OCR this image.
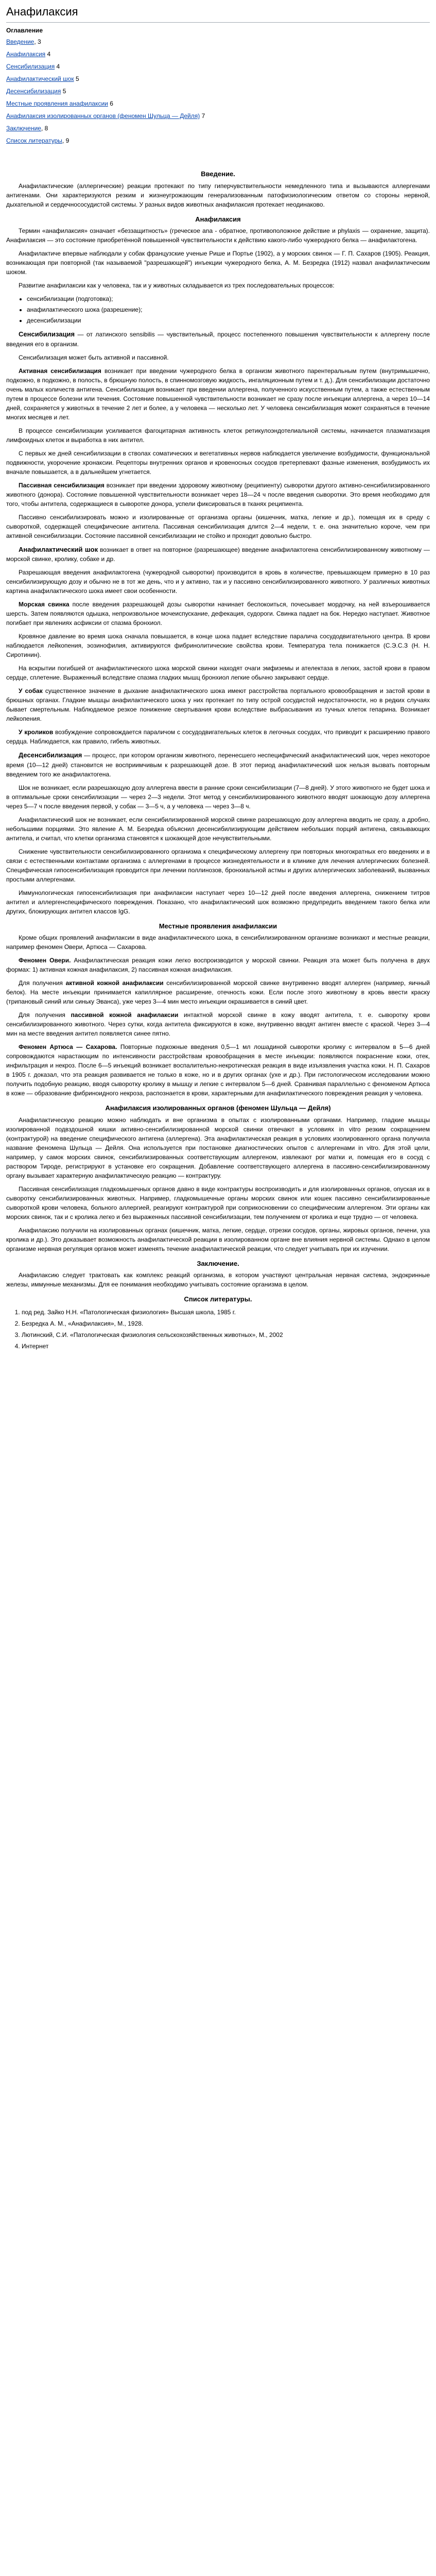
Анафилаксия
Оглавление
Введение, 3
Анафилаксия 4
Сенсибилизация 4
Анафилактический шок 5
Десенсибилизация 5
Местные проявления анафилаксии 6
Анафилаксия изолированных органов (феномен Шульца — Дейля) 7
Заключение, 8
Список литературы, 9
Введение.

Анафилактические (аллергические) реакции протекают по типу гиперчувствительности немедленного типа и вызываются аллергенами антигенами. Они характеризуются резким и жизнеугрожающим генерализованным патофизиологическим ответом со стороны нервной, дыхательной и сердечнососудистой системы. У разных видов животных анафилаксия протекает неодинаково.

Анафилаксия

Термин «анафилаксия» означает «беззащитность» (греческое ana - обратное, противоположное действие и phylaxis — охранение, защита). Анафилаксия — это состояние приобретённой повышенной чувствительности к действию какого-либо чужеродного белка — анафилактогена.

Анафилактиче впервые наблюдали у собак французские ученые Рише и Портье (1902), а у морских свинок — Г. П. Сахаров (1905). Реакция, возникающая при повторной (так называемой "разрешающей") инъекции чужеродного белка, А. М. Безредка (1912) назвал анафилактическим шоком.

Развитие анафилаксии как у человека, так и у животных складывается из трех последовательных процессов:

• сенсибилизации (подготовка);
• анафилактического шока (разрешение);
• десенсибилизации

Сенсибилизация — от латинского sensibilis — чувствительный, процесс постепенного повышения чувствительности к аллергену после введения его в организм.

Сенсибилизация может быть активной и пассивной.

Активная сенсибилизация возникает при введении чужеродного белка в организм животного парентеральным путем (внутримышечно, подкожно, в подкожно, в полость, в брюшную полость, в спинномозговую жидкость, ингаляционным путем и т. д.). Для сенсибилизации достаточно очень малых количеств антигена. Сенсибилизация возникает при введении аллергена, полученного искусственным путем, а также естественным путем в процессе болезни или течения. Состояние повышенной чувствительности возникает не сразу после инъекции аллергена, а через 10—14 дней, сохраняется у животных в течение 2 лет и более, а у человека — несколько лет. У человека сенсибилизация может сохраняться в течение многих месяцев и лет.

В процессе сенсибилизации усиливается фагоцитарная активность клеток ретикулоэндотелиальной системы, начинается плазматизация лимфоидных клеток и выработка в них антител.

С первых же дней сенсибилизации в стволах соматических и вегетативных нервов наблюдается увеличение возбудимости, функциональной подвижности, укорочение хронаксии. Рецепторы внутренних органов и кровеносных сосудов претерпевают фазные изменения, возбудимость их вначале повышается, а в дальнейшем угнетается.

Пассивная сенсибилизация возникает при введении здоровому животному (реципиенту) сыворотки другого активно-сенсибилизированного животного (донора). Состояние повышенной чувствительности возникает через 18—24 ч после введения сыворотки. Это время необходимо для того, чтобы антитела, содержащиеся в сыворотке донора, успели фиксироваться в тканях реципиента.

Пассивно сенсибилизировать можно и изолированные от организма органы (кишечник, матка, легкие и др.), помещая их в среду с сывороткой, содержащей специфические антитела. Пассивная сенсибилизация длится 2—4 недели, т. е. она значительно короче, чем при активной сенсибилизации. Состояние пассивной сенсибилизации не стойко и проходит довольно быстро.

Анафилактический шок возникает в ответ на повторное (разрешающее) введение анафилактогена сенсибилизированному животному — морской свинке, кролику, собаке и др.

Разрешающая введения анафилактогена (чужеродной сыворотки) производится в кровь в количестве, превышающем примерно в 10 раз сенсибилизирующую дозу и обычно не в тот же день, что и у активно, так и у пассивно сенсибилизированного животного. У различных животных картина анафилактического шока имеет свои особенности.

Морская свинка после введения разрешающей дозы сыворотки начинает беспокоиться, почесывает мордочку, на ней взъерошивается шерсть. Затем появляются одышка, непроизвольное мочеиспускание, дефекация, судороги. Свинка падает на бок. Нередко наступает. Животное погибает при явлениях асфиксии от спазма бронхиол.

Кровяное давление во время шока сначала повышается, в конце шока падает вследствие паралича сосудодвигательного центра. В крови наблюдается лейкопения, эозинофилия, активируются фибринолитические свойства крови. Температура тела понижается (С.Э.С.З (Н. Н. Сиротинин).

На вскрытии погибшей от анафилактического шока морской свинки находят очаги эмфиземы и ателектаза в легких, застой крови в правом сердце, сплетение. Выраженный вследствие спазма гладких мышц бронхиол легкие обычно закрывают сердце.

У собак существенное значение в дыхание анафилактического шока имеют расстройства портального кровообращения и застой крови в брюшных органах. Гладкие мышцы анафилактического шока у них протекает по типу острой сосудистой недостаточности, но в редких случаях бывает смертельным. Наблюдаемое резкое понижение свертывания крови вследствие выбрасывания из тучных клеток гепарина. Возникает лейкопения.

У кроликов возбуждение сопровождается параличом с сосудодвигательных клеток в легочных сосудах, что приводит к расширению правого сердца. Наблюдается, как правило, гибель животных.

Десенсибилизация — процесс, при котором организм животного, перенесшего неспецифический анафилактический шок, через некоторое время (10—12 дней) становится не восприимчивым к разрешающей дозе. В этот период анафилактический шок нельзя вызвать повторным введением того же анафилактогена.

Шок не возникает, если разрешающую дозу аллергена ввести в ранние сроки сенсибилизации (7—8 дней). У этого животного не будет шока и в оптимальные сроки сенсибилизации — через 2—3 недели. Этот метод у сенсибилизированного животного вводят шокающую дозу аллергена через 5—7 ч после введения первой, у собак — 3—5 ч, а у человека — через 3—8 ч.

Анафилактический шок не возникает, если сенсибилизированной морской свинке разрешающую дозу аллергена вводить не сразу, а дробно, небольшими порциями. Это явление А. М. Безредка объяснил десенсибилизирующим действием небольших порций антигена, связывающих антитела, и считал, что клетки организма становятся к шокающей дозе нечувствительными.

Снижение чувствительности сенсибилизированного организма к специфическому аллергену при повторных многократных его введениях и в связи с естественными контактами организма с аллергенами в процессе жизнедеятельности и в клинике для лечения аллергических болезней. Специфическая гипосенсибилизация проводится при лечении поллинозов, бронхиальной астмы и других аллергических заболеваний, вызванных простыми аллергенами.

Иммунологическая гипосенсибилизация при анафилаксии наступает через 10—12 дней после введения аллергена, снижением титров антител и аллергенспецифического повреждения. Показано, что анафилактический шок возможно предупредить введением такого белка или других, блокирующих антител классов IgG.

Местные проявления анафилаксии

Кроме общих проявлений анафилаксии в виде анафилактического шока, в сенсибилизированном организме возникают и местные реакции, например феномен Овери, Артюса — Сахарова.

Феномен Овери. Анафилактическая реакция кожи легко воспроизводится у морской свинки. Реакция эта может быть получена в двух формах: 1) активная кожная анафилаксия, 2) пассивная кожная анафилаксия.

Для получения активной кожной анафилаксии сенсибилизированной морской свинке внутривенно вводят аллерген (например, яичный белок). На месте инъекции принимается капиллярное расширение, отечность кожи. Если после этого животному в кровь ввести краску (трипановый синий или синьку Эванса), уже через 3—4 мин место инъекции окрашивается в синий цвет.

Для получения пассивной кожной анафилаксии интактной морской свинке в кожу вводят антитела, т. е. сыворотку крови сенсибилизированного животного. Через сутки, когда антитела фиксируются в коже, внутривенно вводят антиген вместе с краской. Через 3—4 мин на месте введения антител появляется синее пятно.

Феномен Артюса — Сахарова. Повторные подкожные введения 0,5—1 мл лошадиной сыворотки кролику с интервалом в 5—6 дней сопровождаются нарастающим по интенсивности расстройствам кровообращения в месте инъекции: появляются покраснение кожи, отек, инфильтрация и некроз. После 6—5 инъекций возникает воспалительно-некротическая реакция в виде изъязвления участка кожи. Н. П. Сахаров в 1905 г. доказал, что эта реакция развивается не только в коже, но и в других органах (ухе и др.). При гистологическом исследовании можно получить подобную реакцию, вводя сыворотку кролику в мышцу и легкие с интервалом 5—6 дней. Сравнивая параллельно с феноменом Артюса в коже — образование фибриноидного некроза, распознается в крови, характерными для анафилактического повреждения реакция у человека.

Анафилаксия изолированных органов (феномен Шульца — Дейля)

Анафилактическую реакцию можно наблюдать и вне организма в опытах с изолированными органами. Например, гладкие мышцы изолированной подвздошной кишки активно-сенсибилизированной морской свинки отвечают в условиях in vitro резким сокращением (контрактурой) на введение специфического антигена (аллергена). Эта анафилактическая реакция в условиях изолированного органа получила название феномена Шульца — Дейля. Она используется при постановке диагностических опытов с аллергенами in vitro. Для этой цели, например, у самок морских свинок, сенсибилизированных соответствующим аллергеном, извлекают рог матки и, помещая его в сосуд с раствором Тироде, регистрируют в установке его сокращения. Добавление соответствующего аллергена в пассивно-сенсибилизированному органу вызывает характерную анафилактическую реакцию — контрактуру.

Пассивная сенсибилизация гладкомышечных органов давно в виде контрактуры воспроизводить и для изолированных органов, опуская их в сыворотку сенсибилизированных животных. Например, гладкомышечные органы морских свинок или кошек пассивно сенсибилизированные сывороткой крови человека, больного аллергией, реагируют контрактурой при соприкосновении со специфическим аллергеном. Эти органы как морских свинок, так и с кролика легко и без выраженных пассивной сенсибилизации, тем получением от кролика и еще трудно — от человека.

Анафилаксию получили на изолированных органах (кишечник, матка, легкие, сердце, отрезки сосудов, органы, жировых органов, печени, уха кролика и др.). Это доказывает возможность анафилактической реакции в изолированном органе вне влияния нервной системы. Однако в целом организме нервная регуляция органов может изменять течение анафилактической реакции, что следует учитывать при их изучении.

Заключение.

Анафилаксию следует трактовать как комплекс реакций организма, в котором участвуют центральная нервная система, эндокринные железы, иммунные механизмы. Для ее понимания необходимо учитывать состояние организма в целом.

Список литературы.
1. под ред. Зайко Н.Н. «Патологическая физиология» Высшая школа, 1985 г.
2. Безредка А. М., «Анафилаксия», М., 1928.
3. Лютинский, С.И. «Патологическая физиология сельскохозяйственных животных», М., 2002
4. Интернет
